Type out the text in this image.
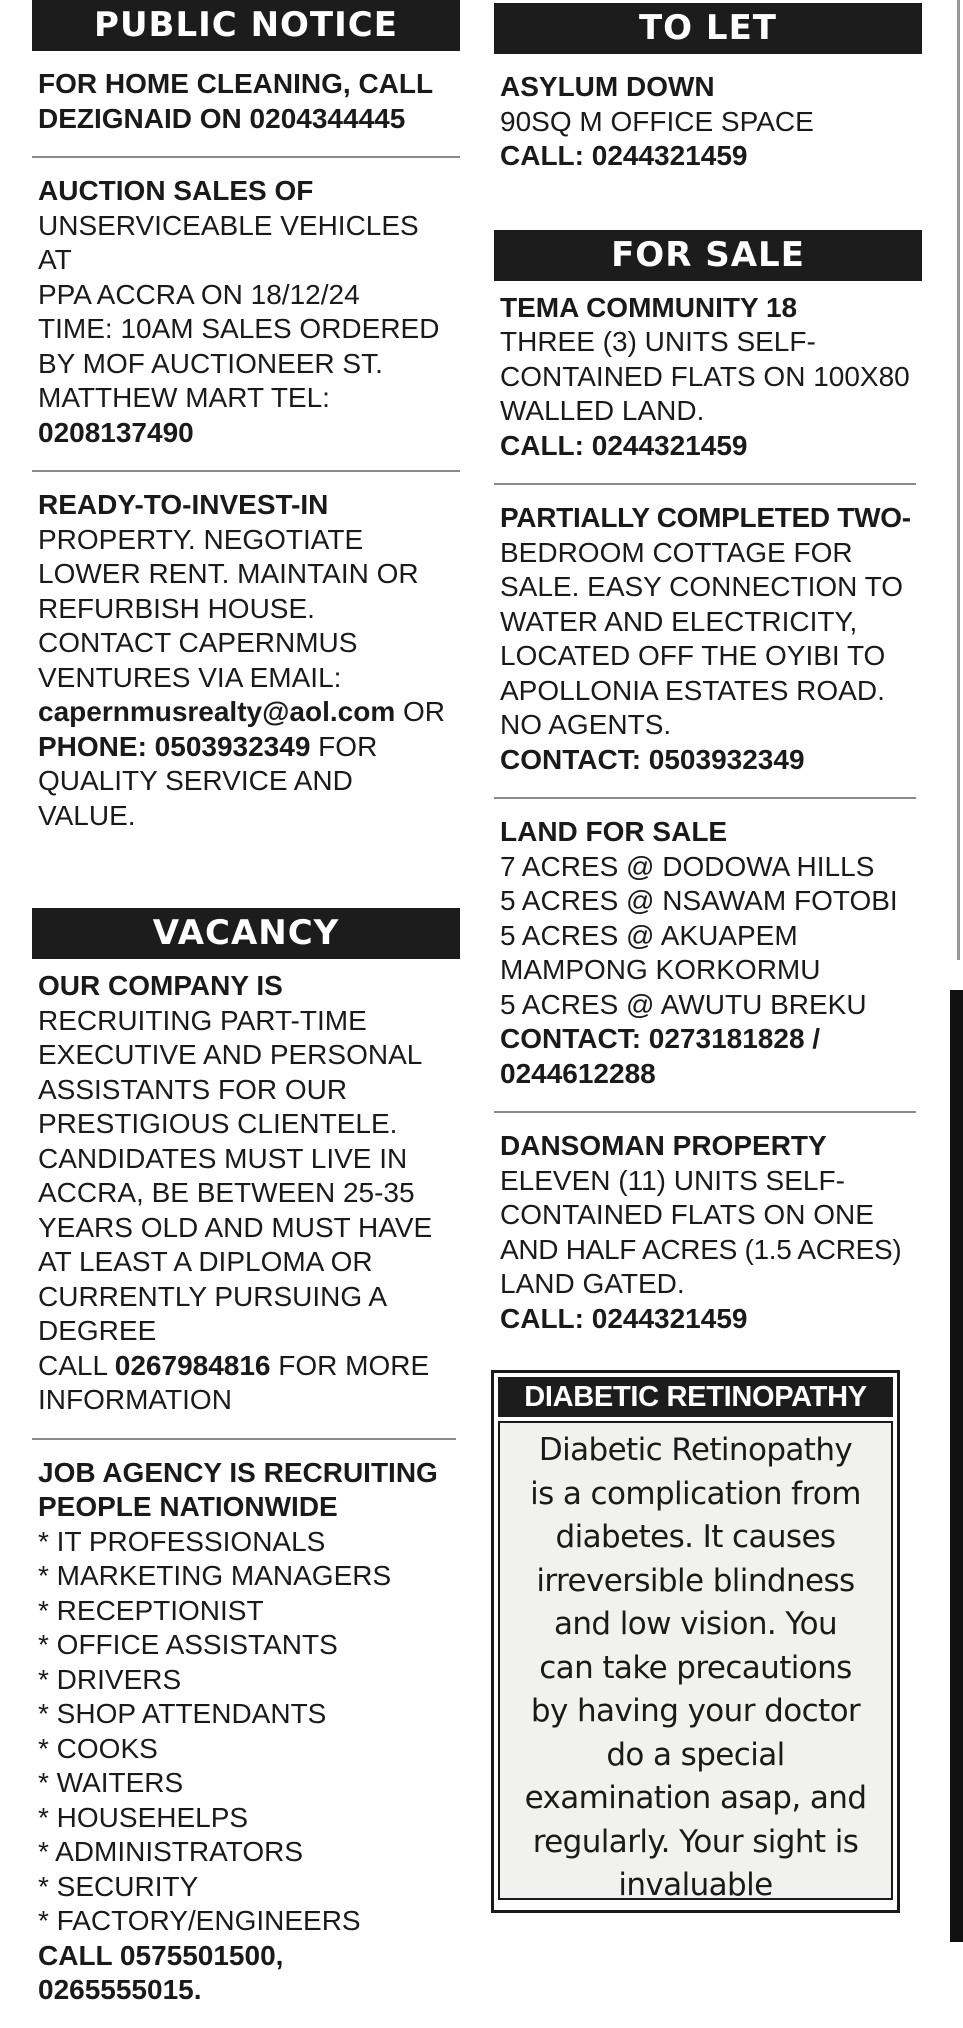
PUBLIC NOTICE
FOR HOME CLEANING, CALL
DEZIGNAID ON 0204344445
AUCTION SALES OF
UNSERVICEABLE VEHICLES AT
PPA ACCRA ON 18/12/24
TIME: 10AM SALES ORDERED
BY MOF AUCTIONEER ST.
MATTHEW MART TEL:
0208137490
READY-TO-INVEST-IN
PROPERTY. NEGOTIATE
LOWER RENT. MAINTAIN OR
REFURBISH HOUSE.
CONTACT CAPERNMUS
VENTURES VIA EMAIL:
capernmusrealty@aol.com OR
PHONE: 0503932349 FOR
QUALITY SERVICE AND VALUE.
VACANCY
OUR COMPANY IS
RECRUITING PART-TIME
EXECUTIVE AND PERSONAL
ASSISTANTS FOR OUR
PRESTIGIOUS CLIENTELE.
CANDIDATES MUST LIVE IN
ACCRA, BE BETWEEN 25-35
YEARS OLD AND MUST HAVE
AT LEAST A DIPLOMA OR
CURRENTLY PURSUING A
DEGREE
CALL 0267984816 FOR MORE
INFORMATION
JOB AGENCY IS RECRUITING
PEOPLE NATIONWIDE
* IT PROFESSIONALS
* MARKETING MANAGERS
* RECEPTIONIST
* OFFICE ASSISTANTS
* DRIVERS
* SHOP ATTENDANTS
* COOKS
* WAITERS
* HOUSEHELPS
* ADMINISTRATORS
* SECURITY
* FACTORY/ENGINEERS
CALL 0575501500, 0265555015.
TO LET
ASYLUM DOWN
90SQ M OFFICE SPACE
CALL: 0244321459
FOR SALE
TEMA COMMUNITY 18
THREE (3) UNITS SELF-
CONTAINED FLATS ON 100X80
WALLED LAND.
CALL: 0244321459
PARTIALLY COMPLETED TWO-
BEDROOM COTTAGE FOR
SALE. EASY CONNECTION TO
WATER AND ELECTRICITY,
LOCATED OFF THE OYIBI TO
APOLLONIA ESTATES ROAD.
NO AGENTS.
CONTACT: 0503932349
LAND FOR SALE
7 ACRES @ DODOWA HILLS
5 ACRES @ NSAWAM FOTOBI
5 ACRES @ AKUAPEM
MAMPONG KORKORMU
5 ACRES @ AWUTU BREKU
CONTACT: 0273181828 /
0244612288
DANSOMAN PROPERTY
ELEVEN (11) UNITS SELF-
CONTAINED FLATS ON ONE
AND HALF ACRES (1.5 ACRES)
LAND GATED.
CALL: 0244321459
DIABETIC RETINOPATHY
Diabetic Retinopathy
is a complication from
diabetes. It causes
irreversible blindness
and low vision. You
can take precautions
by having your doctor
do a special
examination asap, and
regularly. Your sight is
invaluable
